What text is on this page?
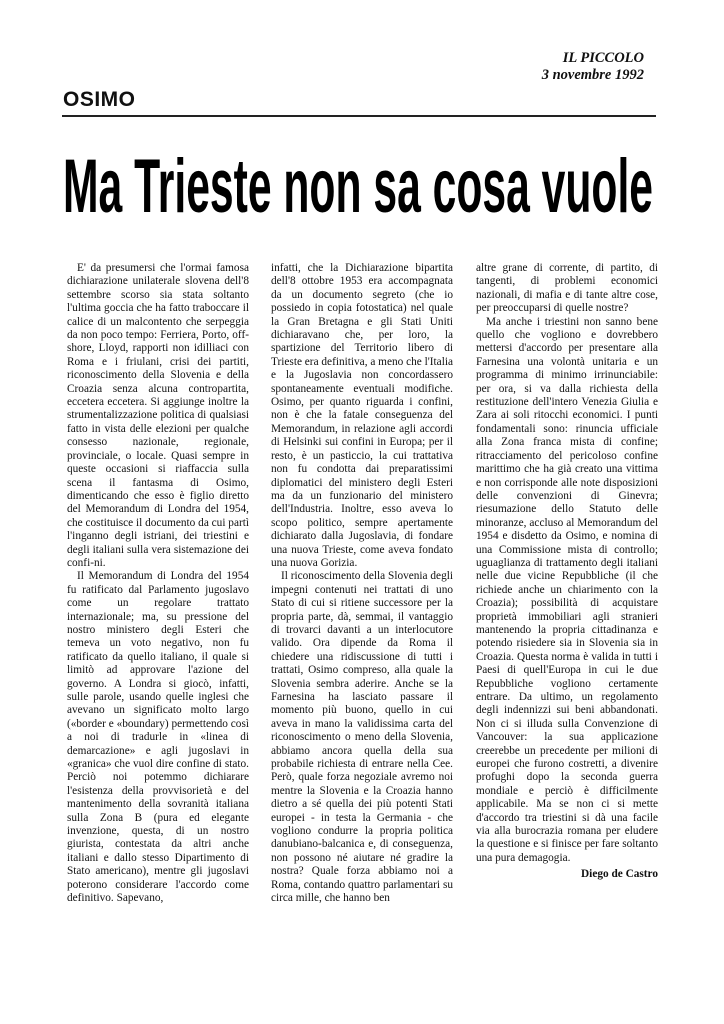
IL PICCOLO
3 novembre 1992
OSIMO
Ma Trieste non sa cosa vuole

E' da presumersi che l'ormai famosa dichiarazione unilaterale slovena dell'8 settembre scorso sia stata soltanto l'ultima goccia che ha fatto traboccare il calice di un malcontento che serpeggia da non poco tempo: Ferriera, Porto, off-shore, Lloyd, rapporti non idilliaci con Roma e i friulani, crisi dei partiti, riconoscimento della Slovenia e della Croazia senza alcuna contropartita, eccetera eccetera. Si aggiunge inoltre la strumentalizzazione politica di qualsiasi fatto in vista delle elezioni per qualche consesso nazionale, regionale, provinciale, o locale. Quasi sempre in queste occasioni si riaffaccia sulla scena il fantasma di Osimo, dimenticando che esso è figlio diretto del Memorandum di Londra del 1954, che costituisce il documento da cui partì l'inganno degli istriani, dei triestini e degli italiani sulla vera sistemazione dei confi-ni.

Il Memorandum di Londra del 1954 fu ratificato dal Parlamento jugoslavo come un regolare trattato internazionale; ma, su pressione del nostro ministero degli Esteri che temeva un voto negativo, non fu ratificato da quello italiano, il quale si limitò ad approvare l'azione del governo. A Londra si giocò, infatti, sulle parole, usando quelle inglesi che avevano un significato molto largo («border e «boundary) permettendo così a noi di tradurle in «linea di demarcazione» e agli jugoslavi in «granica» che vuol dire confine di stato. Perciò noi potemmo dichiarare l'esistenza della provvisorietà e del mantenimento della sovranità italiana sulla Zona B (pura ed elegante invenzione, questa, di un nostro giurista, contestata da altri anche italiani e dallo stesso Dipartimento di Stato americano), mentre gli jugoslavi poterono considerare l'accordo come definitivo. Sapevano,

infatti, che la Dichiarazione bipartita dell'8 ottobre 1953 era accompagnata da un documento segreto (che io possiedo in copia fotostatica) nel quale la Gran Bretagna e gli Stati Uniti dichiaravano che, per loro, la spartizione del Territorio libero di Trieste era definitiva, a meno che l'Italia e la Jugoslavia non concordassero spontaneamente eventuali modifiche. Osimo, per quanto riguarda i confini, non è che la fatale conseguenza del Memorandum, in relazione agli accordi di Helsinki sui confini in Europa; per il resto, è un pasticcio, la cui trattativa non fu condotta dai preparatissimi diplomatici del ministero degli Esteri ma da un funzionario del ministero dell'Industria. Inoltre, esso aveva lo scopo politico, sempre apertamente dichiarato dalla Jugoslavia, di fondare una nuova Trieste, come aveva fondato una nuova Gorizia.

Il riconoscimento della Slovenia degli impegni contenuti nei trattati di uno Stato di cui si ritiene successore per la propria parte, dà, semmai, il vantaggio di trovarci davanti a un interlocutore valido. Ora dipende da Roma il chiedere una ridiscussione di tutti i trattati, Osimo compreso, alla quale la Slovenia sembra aderire. Anche se la Farnesina ha lasciato passare il momento più buono, quello in cui aveva in mano la validissima carta del riconoscimento o meno della Slovenia, abbiamo ancora quella della sua probabile richiesta di entrare nella Cee. Però, quale forza negoziale avremo noi mentre la Slovenia e la Croazia hanno dietro a sé quella dei più potenti Stati europei - in testa la Germania - che vogliono condurre la propria politica danubiano-balcanica e, di conseguenza, non possono né aiutare né gradire la nostra? Quale forza abbiamo noi a Roma, contando quattro parlamentari su circa mille, che hanno ben

altre grane di corrente, di partito, di tangenti, di problemi economici nazionali, di mafia e di tante altre cose, per preoccuparsi di quelle nostre?

Ma anche i triestini non sanno bene quello che vogliono e dovrebbero mettersi d'accordo per presentare alla Farnesina una volontà unitaria e un programma di minimo irrinunciabile: per ora, si va dalla richiesta della restituzione dell'intero Venezia Giulia e Zara ai soli ritocchi economici. I punti fondamentali sono: rinuncia ufficiale alla Zona franca mista di confine; ritracciamento del pericoloso confine marittimo che ha già creato una vittima e non corrisponde alle note disposizioni delle convenzioni di Ginevra; riesumazione dello Statuto delle minoranze, accluso al Memorandum del 1954 e disdetto da Osimo, e nomina di una Commissione mista di controllo; uguaglianza di trattamento degli italiani nelle due vicine Repubbliche (il che richiede anche un chiarimento con la Croazia); possibilità di acquistare proprietà immobiliari agli stranieri mantenendo la propria cittadinanza e potendo risiedere sia in Slovenia sia in Croazia. Questa norma è valida in tutti i Paesi di quell'Europa in cui le due Repubbliche vogliono certamente entrare. Da ultimo, un regolamento degli indennizzi sui beni abbandonati. Non ci si illuda sulla Convenzione di Vancouver: la sua applicazione creerebbe un precedente per milioni di europei che furono costretti, a divenire profughi dopo la seconda guerra mondiale e perciò è difficilmente applicabile. Ma se non ci si mette d'accordo tra triestini si dà una facile via alla burocrazia romana per eludere la questione e si finisce per fare soltanto una pura demagogia.

Diego de Castro
